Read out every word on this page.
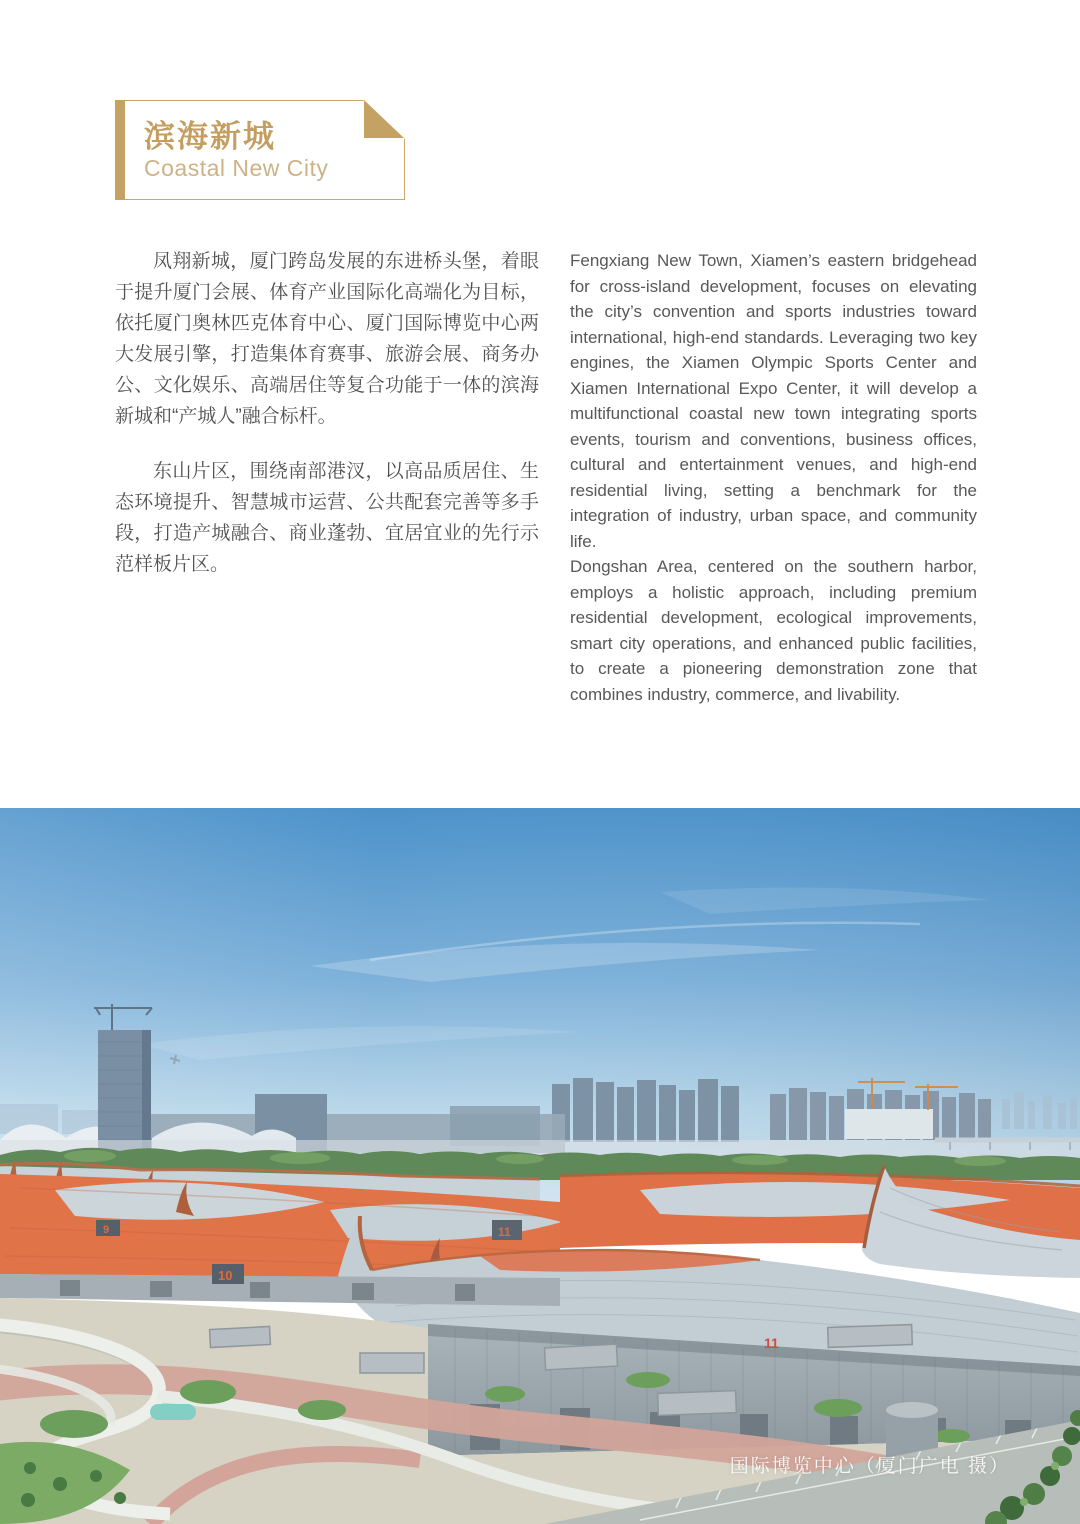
滨海新城
Coastal New City

凤翔新城，厦门跨岛发展的东进桥头堡，着眼于提升厦门会展、体育产业国际化高端化为目标，依托厦门奥林匹克体育中心、厦门国际博览中心两大发展引擎，打造集体育赛事、旅游会展、商务办公、文化娱乐、高端居住等复合功能于一体的滨海新城和“产城人”融合标杆。

东山片区，围绕南部港汊，以高品质居住、生态环境提升、智慧城市运营、公共配套完善等多手段，打造产城融合、商业蓬勃、宜居宜业的先行示范样板片区。

Fengxiang New Town, Xiamen’s eastern bridgehead for cross-island development, focuses on elevating the city’s convention and sports industries toward international, high-end standards. Leveraging two key engines, the Xiamen Olympic Sports Center and Xiamen International Expo Center, it will develop a multifunctional coastal new town integrating sports events, tourism and conventions, business offices, cultural and entertainment venues, and high-end residential living, setting a benchmark for the integration of industry, urban space, and community life.

Dongshan Area, centered on the southern harbor, employs a holistic approach, including premium residential development, ecological improvements, smart city operations, and enhanced public facilities, to create a pioneering demonstration zone that combines industry, commerce, and livability.

9
10
11
11
国际博览中心（厦门广电 摄）
